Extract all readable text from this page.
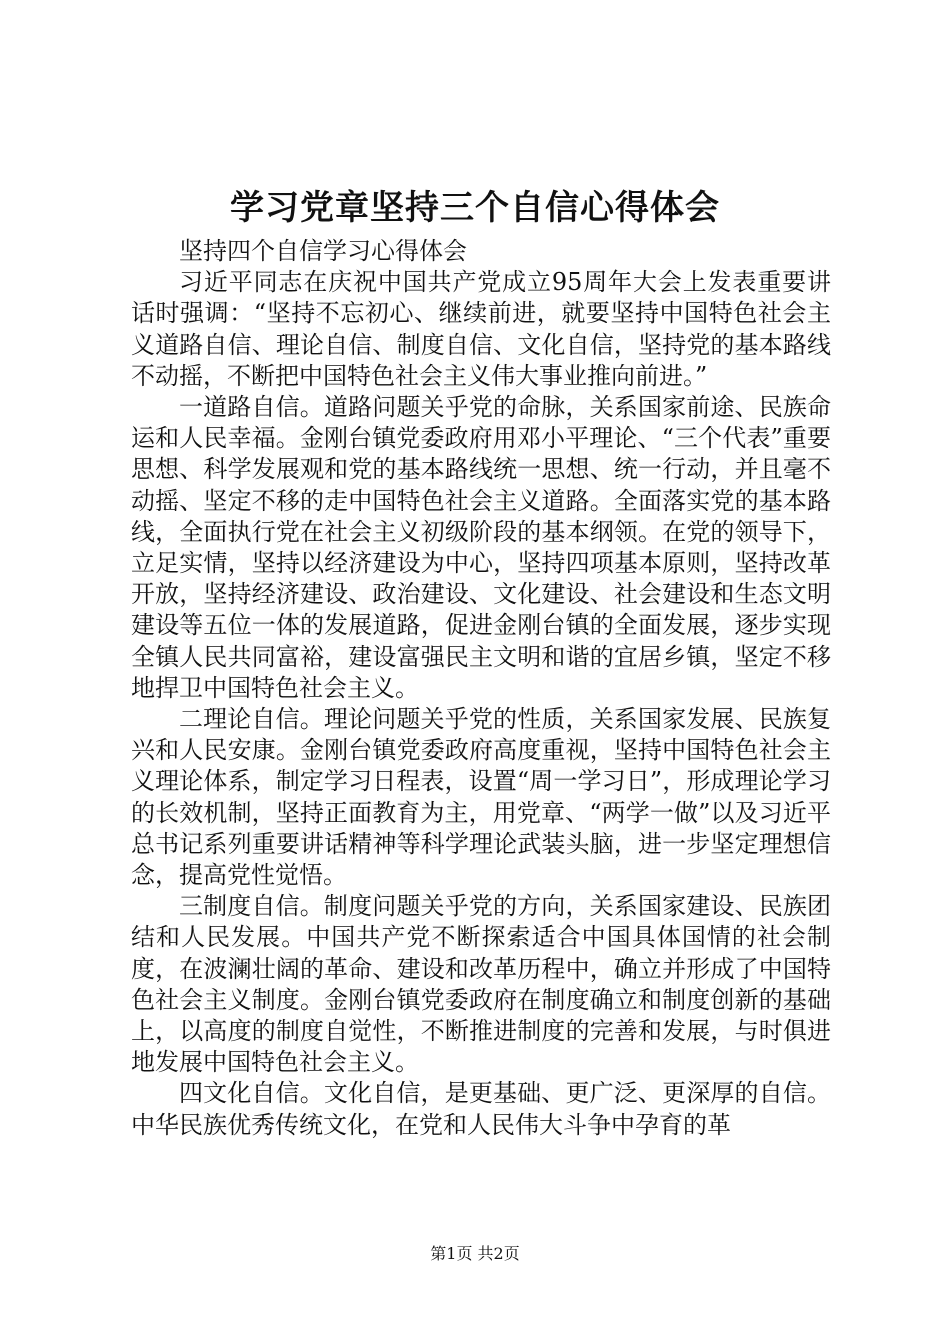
学习党章坚持三个自信心得体会
坚持四个自信学习心得体会

习近平同志在庆祝中国共产党成立95周年大会上发表重要讲话时强调：“坚持不忘初心、继续前进，就要坚持中国特色社会主义道路自信、理论自信、制度自信、文化自信，坚持党的基本路线不动摇，不断把中国特色社会主义伟大事业推向前进。”

一道路自信。道路问题关乎党的命脉，关系国家前途、民族命运和人民幸福。金刚台镇党委政府用邓小平理论、“三个代表”重要思想、科学发展观和党的基本路线统一思想、统一行动，并且毫不动摇、坚定不移的走中国特色社会主义道路。全面落实党的基本路线，全面执行党在社会主义初级阶段的基本纲领。在党的领导下，立足实情，坚持以经济建设为中心，坚持四项基本原则，坚持改革开放，坚持经济建设、政治建设、文化建设、社会建设和生态文明建设等五位一体的发展道路，促进金刚台镇的全面发展，逐步实现全镇人民共同富裕，建设富强民主文明和谐的宜居乡镇，坚定不移地捍卫中国特色社会主义。

二理论自信。理论问题关乎党的性质，关系国家发展、民族复兴和人民安康。金刚台镇党委政府高度重视，坚持中国特色社会主义理论体系，制定学习日程表，设置“周一学习日”，形成理论学习的长效机制，坚持正面教育为主，用党章、“两学一做”以及习近平总书记系列重要讲话精神等科学理论武装头脑，进一步坚定理想信念，提高党性觉悟。

三制度自信。制度问题关乎党的方向，关系国家建设、民族团结和人民发展。中国共产党不断探索适合中国具体国情的社会制度，在波澜壮阔的革命、建设和改革历程中，确立并形成了中国特色社会主义制度。金刚台镇党委政府在制度确立和制度创新的基础上，以高度的制度自觉性，不断推进制度的完善和发展，与时俱进地发展中国特色社会主义。

四文化自信。文化自信，是更基础、更广泛、更深厚的自信。中华民族优秀传统文化，在党和人民伟大斗争中孕育的革

第1页 共2页
